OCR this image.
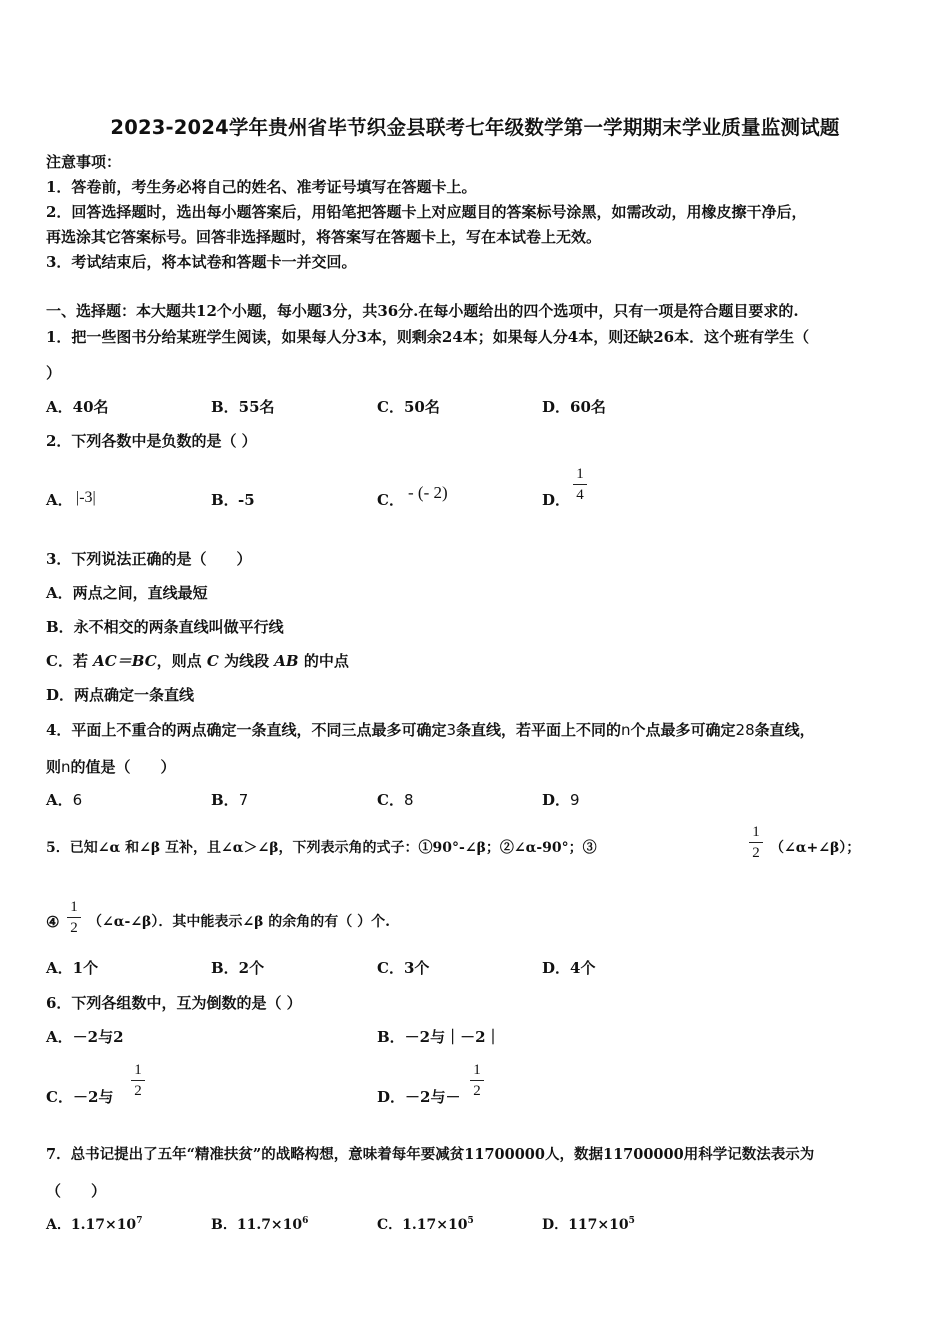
2023-2024学年贵州省毕节织金县联考七年级数学第一学期期末学业质量监测试题
注意事项：
1．答卷前，考生务必将自己的姓名、准考证号填写在答题卡上。
2．回答选择题时，选出每小题答案后，用铅笔把答题卡上对应题目的答案标号涂黑，如需改动，用橡皮擦干净后，
再选涂其它答案标号。回答非选择题时，将答案写在答题卡上，写在本试卷上无效。
3．考试结束后，将本试卷和答题卡一并交回。
一、选择题：本大题共12个小题，每小题3分，共36分.在每小题给出的四个选项中，只有一项是符合题目要求的.
1．把一些图书分给某班学生阅读，如果每人分3本，则剩余24本；如果每人分4本，则还缺26本．这个班有学生（
）
A．40名	B．55名	C．50名	D．60名
2．下列各数中是负数的是（ ）
A． |-3|	B． -5	C． - (- 2)	D．
1
4
3．下列说法正确的是（　　）
A．两点之间，直线最短
B．永不相交的两条直线叫做平行线
C．若 AC＝BC，则点 C 为线段 AB 的中点
D．两点确定一条直线
4．平面上不重合的两点确定一条直线，不同三点最多可确定3条直线，若平面上不同的n个点最多可确定28条直线，
则n的值是（　　）
A．6	B．7	C．8	D．9
5．已知∠α 和∠β 互补，且∠α＞∠β，下列表示角的式子：①90°-∠β；②∠α-90°；③
1
2 （∠α+∠β）；
④
1
2 （∠α-∠β）．其中能表示∠β 的余角的有（ ）个.
A．1个	B．2个	C．3个	D．4个
6．下列各组数中，互为倒数的是（ ）
A．－2与2	B．－2与｜－2｜
C．－2与
1
2	D．－2与－
1
2
7．总书记提出了五年“精准扶贫”的战略构想，意味着每年要减贫11700000人，数据11700000用科学记数法表示为
（　　）
A．$1.17\times 10^7$	B．$11.7\times 10^6$	C．$1.17\times 10^5$	D．$117\times 10^5$
